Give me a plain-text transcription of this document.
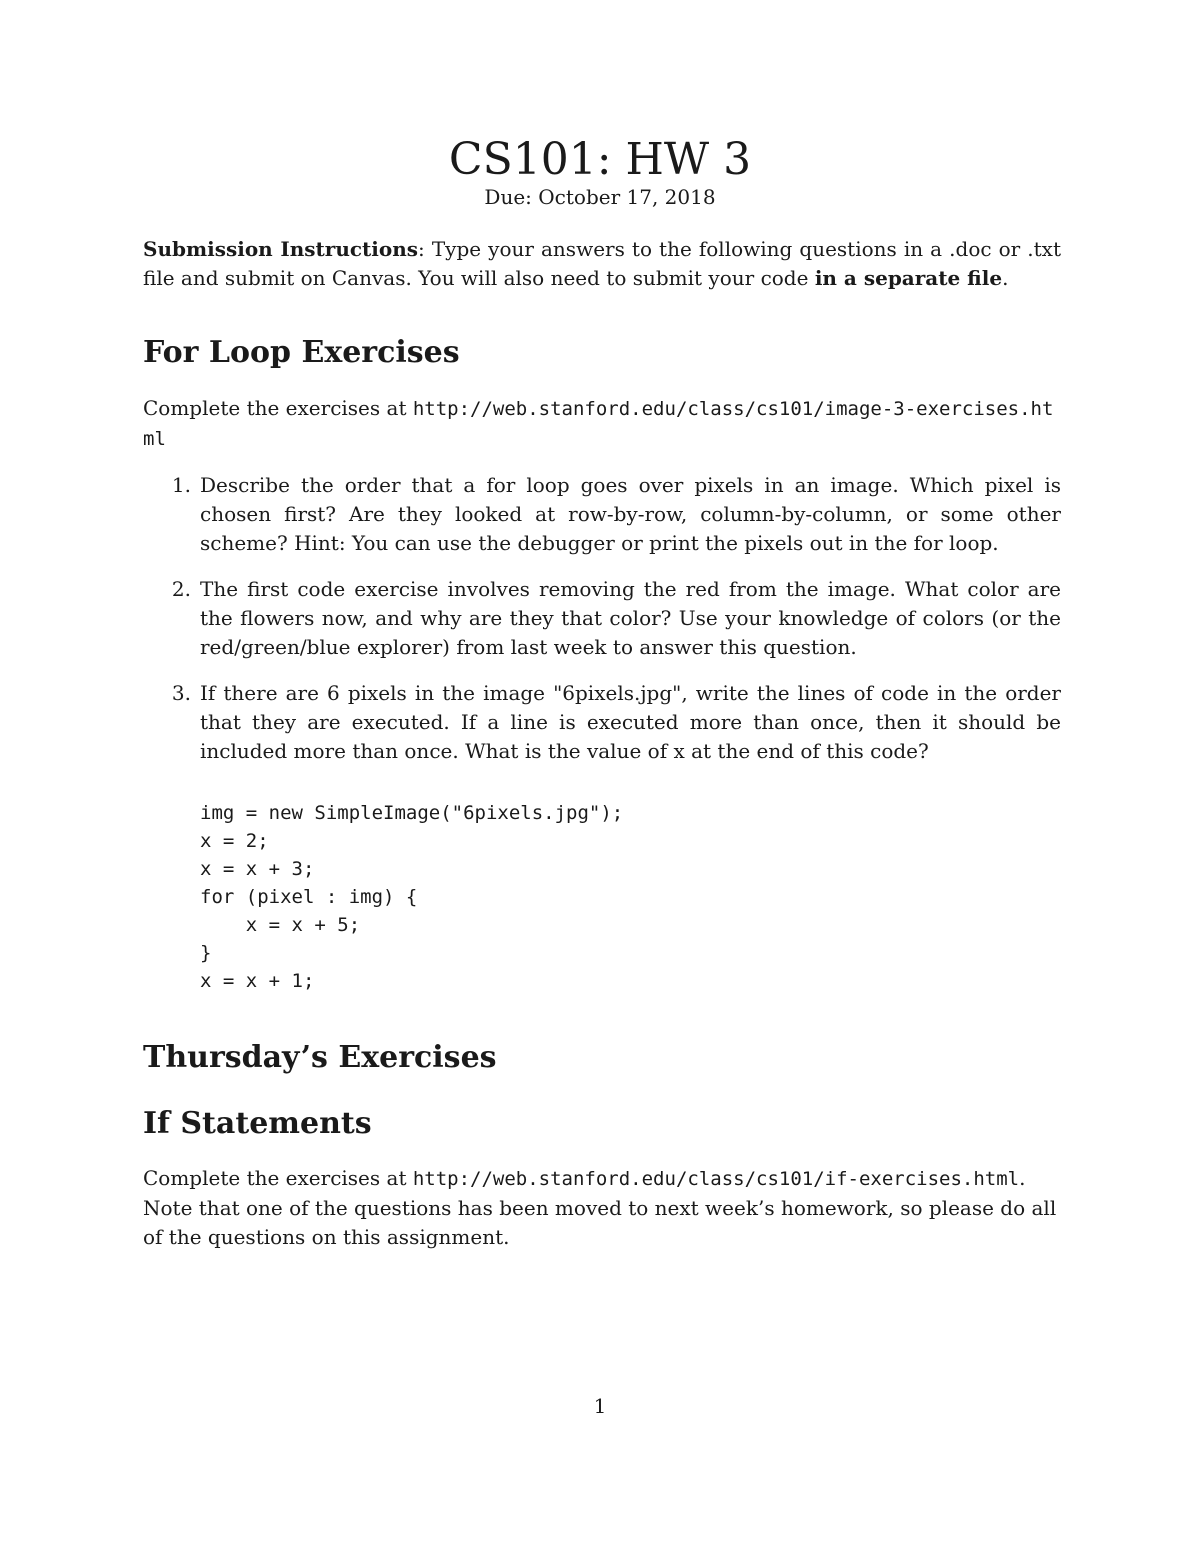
CS101: HW 3
Due: October 17, 2018

Submission Instructions: Type your answers to the following questions in a .doc or .txt file and submit on Canvas. You will also need to submit your code in a separate file.

For Loop Exercises

Complete the exercises at http://web.stanford.edu/class/cs101/image-3-exercises.html

1. Describe the order that a for loop goes over pixels in an image. Which pixel is chosen first? Are they looked at row-by-row, column-by-column, or some other scheme? Hint: You can use the debugger or print the pixels out in the for loop.

2. The first code exercise involves removing the red from the image. What color are the flowers now, and why are they that color? Use your knowledge of colors (or the red/green/blue explorer) from last week to answer this question.

3. If there are 6 pixels in the image "6pixels.jpg", write the lines of code in the order that they are executed. If a line is executed more than once, then it should be included more than once. What is the value of x at the end of this code?

img = new SimpleImage("6pixels.jpg");
x = 2;
x = x + 3;
for (pixel : img) {
x = x + 5;
}
x = x + 1;
Thursday’s Exercises
If Statements

Complete the exercises at http://web.stanford.edu/class/cs101/if-exercises.html. Note that one of the questions has been moved to next week’s homework, so please do all of the questions on this assignment.

1
